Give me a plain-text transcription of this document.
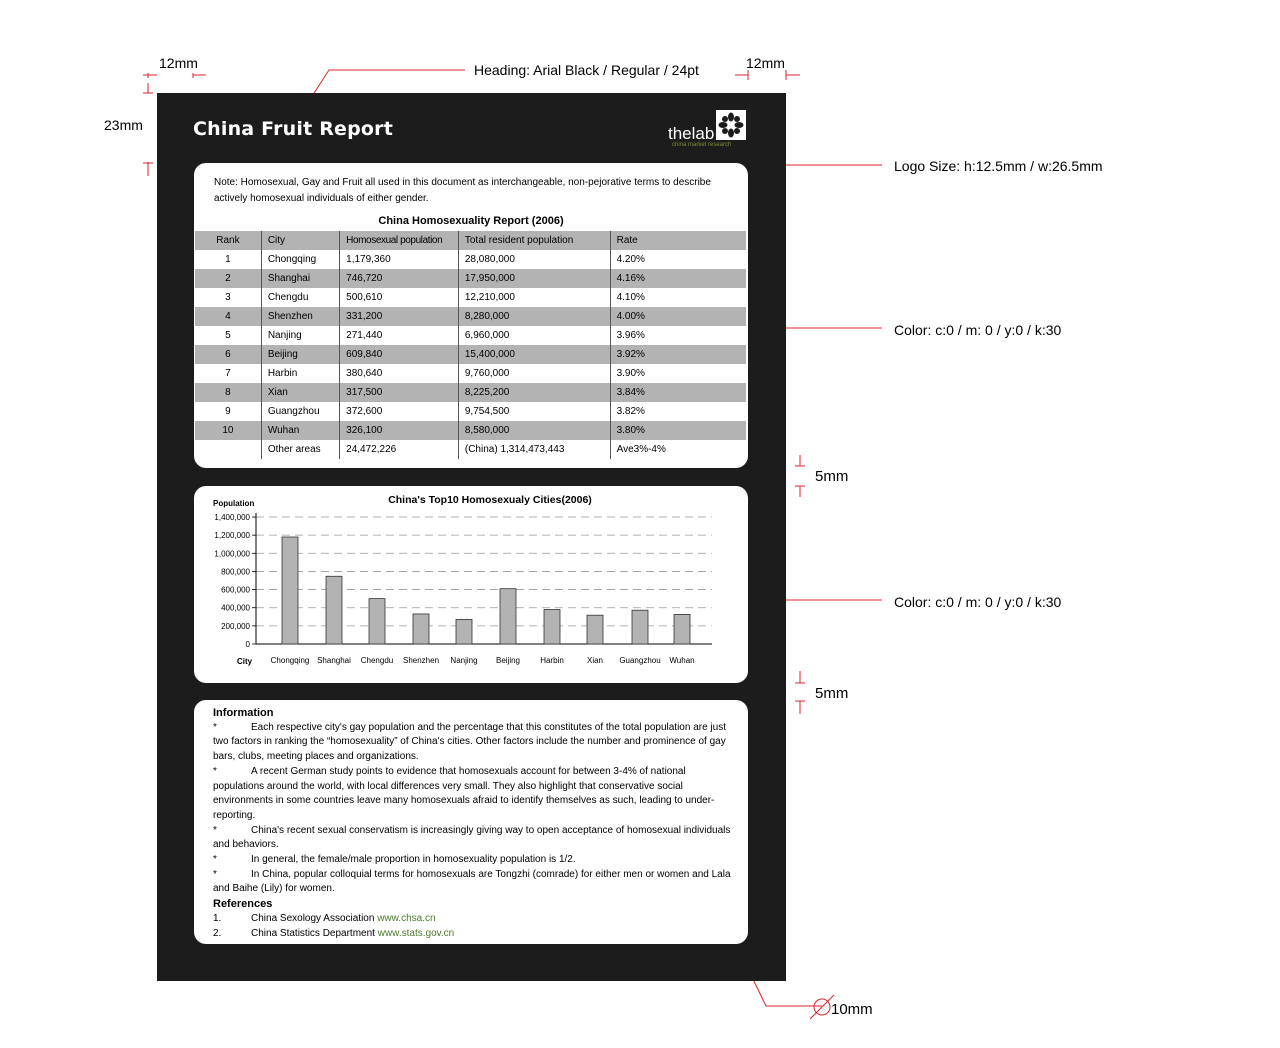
12mm	12mm
Heading: Arial Black / Regular / 24pt
23mm
Logo Size: h:12.5mm / w:26.5mm
Color: c:0 / m: 0 / y:0 / k:30
Color: c:0 / m: 0 / y:0 / k:30
5mm
5mm
10mm
China Fruit Report	thelab
china market research
Note: Homosexual, Gay and Fruit all used in this document as interchangeable, non-pejorative terms to describe actively homosexual individuals of either gender.
China Homosexuality Report (2006)
Rank	City	Homosexual population	Total resident population	Rate
1	Chongqing	1,179,360	28,080,000	4.20%
2	Shanghai	746,720	17,950,000	4.16%
3	Chengdu	500,610	12,210,000	4.10%
4	Shenzhen	331,200	8,280,000	4.00%
5	Nanjing	271,440	6,960,000	3.96%
6	Beijing	609,840	15,400,000	3.92%
7	Harbin	380,640	9,760,000	3.90%
8	Xian	317,500	8,225,200	3.84%
9	Guangzhou	372,600	9,754,500	3.82%
10	Wuhan	326,100	8,580,000	3.80%
	Other areas	24,472,226	(China) 1,314,473,443	Ave3%-4%
China's Top10 Homosexualy Cities(2006)
Population
City
0
200,000
400,000
600,000
800,000
1,000,000
1,200,000
1,400,000
Chongqing Shanghai Chengdu Shenzhen Nanjing Beijing	Harbin	Xian Guangzhou Wuhan
Information
*	Each respective city's gay population and the percentage that this constitutes of the total population are just two factors in ranking the “homosexuality” of China's cities. Other factors include the number and prominence of gay bars, clubs, meeting places and organizations.
*	A recent German study points to evidence that homosexuals account for between 3-4% of national populations around the world, with local differences very small. They also highlight that conservative social environments in some countries leave many homosexuals afraid to identify themselves as such, leading to under-reporting.
*	China's recent sexual conservatism is increasingly giving way to open acceptance of homosexual individuals and behaviors.
*	In general, the female/male proportion in homosexuality population is 1/2.
*	In China, popular colloquial terms for homosexuals are Tongzhi (comrade) for either men or women and Lala and Baihe (Lily) for women.
References
1.	China Sexology Association www.chsa.cn
2.	China Statistics Department www.stats.gov.cn
